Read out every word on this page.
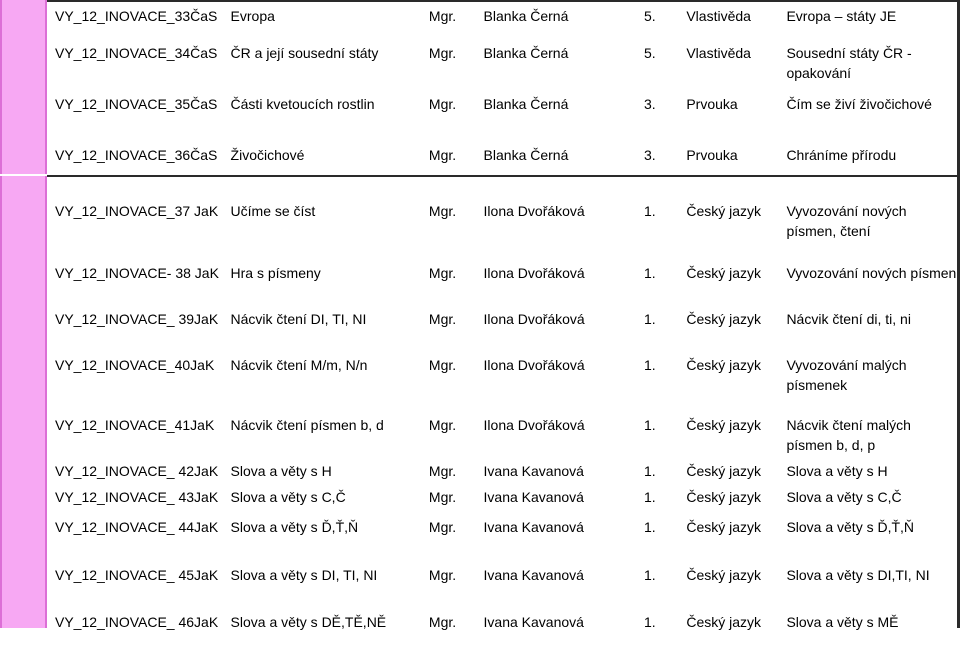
VY_12_INOVACE_33ČaS	Evropa	Mgr.	Blanka Černá	5.	Vlastivěda	Evropa – státy JE
VY_12_INOVACE_34ČaS	ČR a její sousední státy	Mgr.	Blanka Černá	5.	Vlastivěda	Sousední státy ČR - opakování
VY_12_INOVACE_35ČaS	Části kvetoucích rostlin	Mgr.	Blanka Černá	3.	Prvouka	Čím se živí živočichové
VY_12_INOVACE_36ČaS	Živočichové	Mgr.	Blanka Černá	3.	Prvouka	Chráníme přírodu
VY_12_INOVACE_37 JaK	Učíme se číst	Mgr.	Ilona Dvořáková	1.	Český jazyk	Vyvozování nových písmen, čtení
VY_12_INOVACE- 38 JaK	Hra s písmeny	Mgr.	Ilona Dvořáková	1.	Český jazyk	Vyvozování nových písmen
VY_12_INOVACE_ 39JaK	Nácvik čtení DI, TI, NI	Mgr.	Ilona Dvořáková	1.	Český jazyk	Nácvik čtení di, ti, ni
VY_12_INOVACE_40JaK	Nácvik čtení M/m, N/n	Mgr.	Ilona Dvořáková	1.	Český jazyk	Vyvozování malých písmenek
VY_12_INOVACE_41JaK	Nácvik čtení písmen b, d	Mgr.	Ilona Dvořáková	1.	Český jazyk	Nácvik čtení malých písmen b, d, p
VY_12_INOVACE_ 42JaK	Slova a věty s H	Mgr.	Ivana Kavanová	1.	Český jazyk	Slova a věty s H
VY_12_INOVACE_ 43JaK	Slova a věty s C,Č	Mgr.	Ivana Kavanová	1.	Český jazyk	Slova a věty s C,Č
VY_12_INOVACE_ 44JaK	Slova a věty s Ď,Ť,Ň	Mgr.	Ivana Kavanová	1.	Český jazyk	Slova a věty s Ď,Ť,Ň
VY_12_INOVACE_ 45JaK	Slova a věty s DI, TI, NI	Mgr.	Ivana Kavanová	1.	Český jazyk	Slova a věty s DI,TI, NI
VY_12_INOVACE_ 46JaK	Slova a věty s DĚ,TĚ,NĚ	Mgr.	Ivana Kavanová	1.	Český jazyk	Slova a věty s MĚ
